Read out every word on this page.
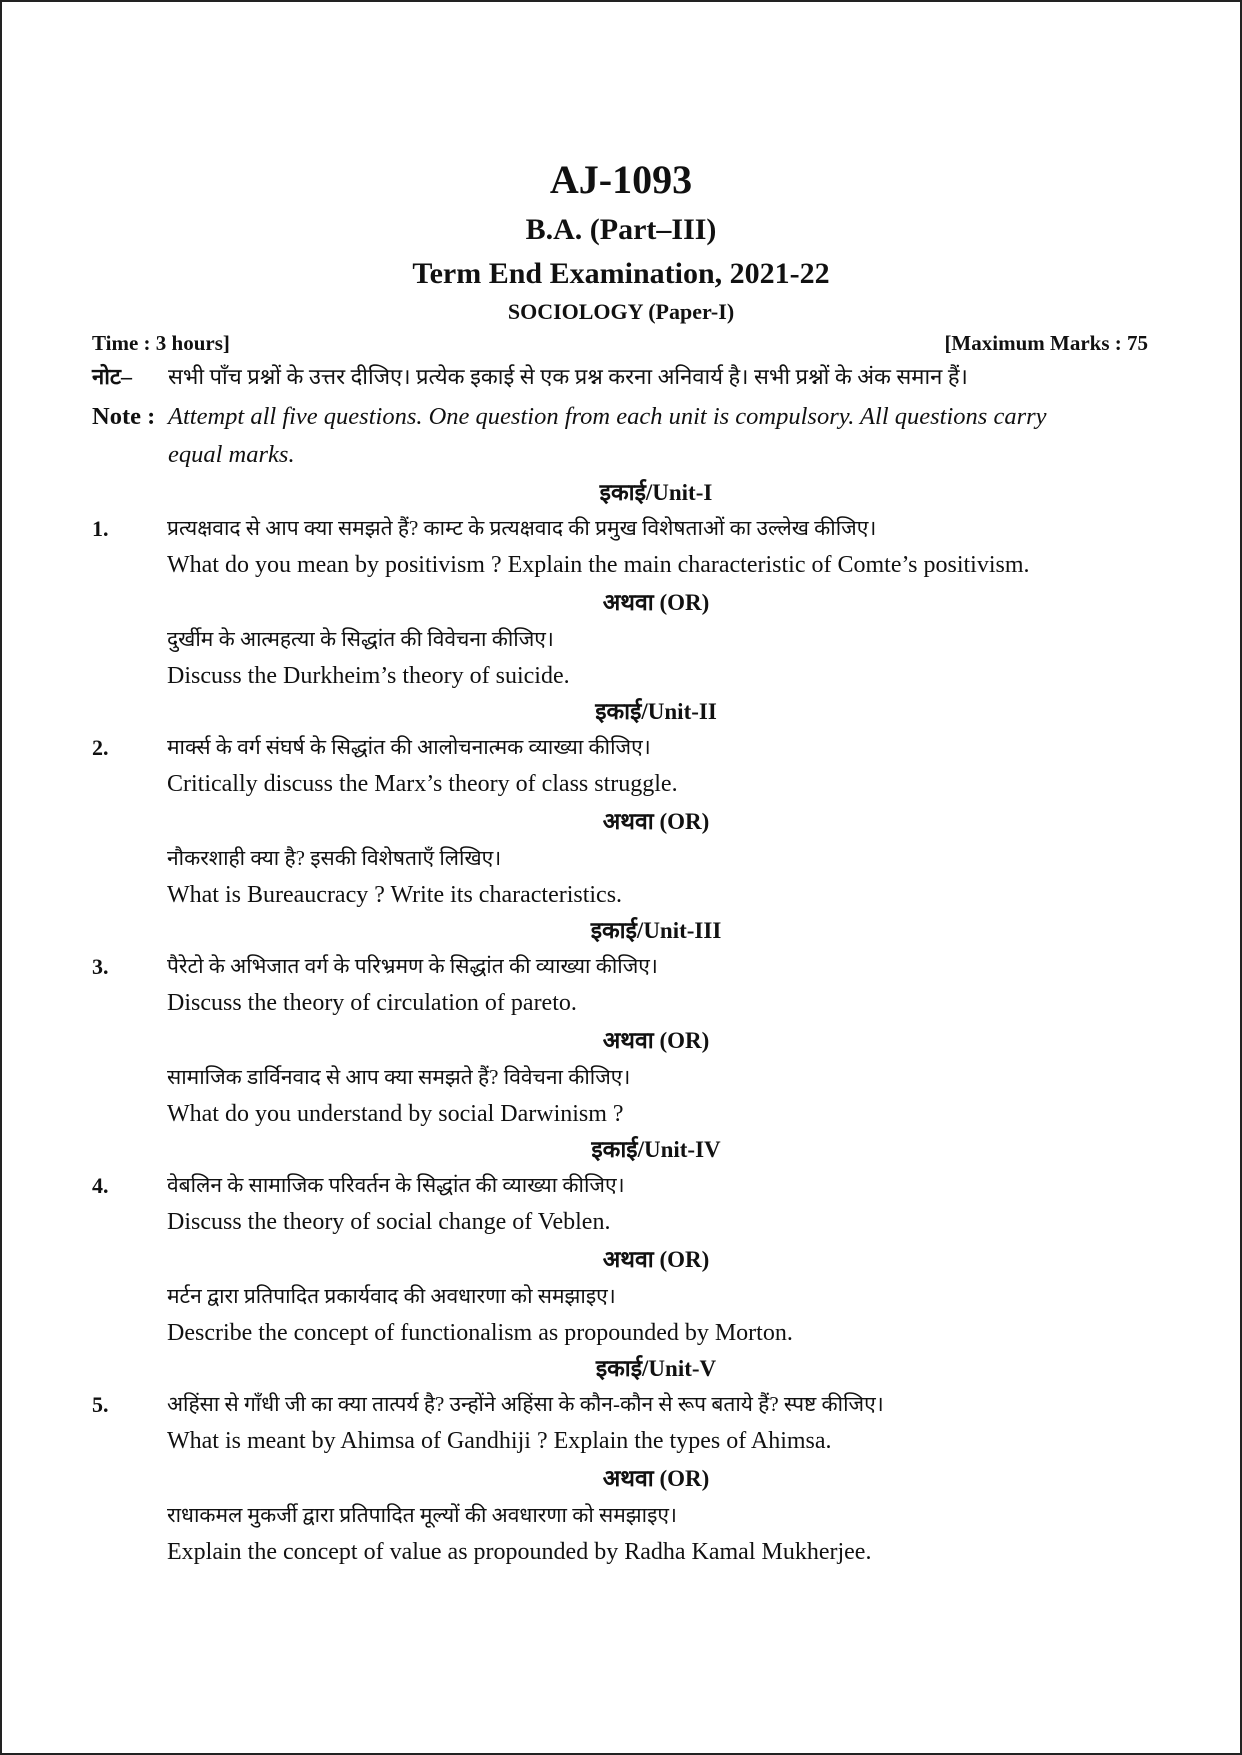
AJ-1093
B.A. (Part–III)
Term End Examination, 2021-22
SOCIOLOGY (Paper-I)
Time : 3 hours]	[Maximum Marks : 75
नोट– सभी पाँच प्रश्नों के उत्तर दीजिए। प्रत्येक इकाई से एक प्रश्न करना अनिवार्य है। सभी प्रश्नों के अंक समान हैं।
Note : Attempt all five questions. One question from each unit is compulsory. All questions carry
equal marks.
इकाई/Unit-I
1.	प्रत्यक्षवाद से आप क्या समझते हैं? काम्ट के प्रत्यक्षवाद की प्रमुख विशेषताओं का उल्लेख कीजिए।
What do you mean by positivism ? Explain the main characteristic of Comte’s positivism.
अथवा (OR)
दुर्खीम के आत्महत्या के सिद्धांत की विवेचना कीजिए।
Discuss the Durkheim’s theory of suicide.
इकाई/Unit-II
2.	मार्क्स के वर्ग संघर्ष के सिद्धांत की आलोचनात्मक व्याख्या कीजिए।
Critically discuss the Marx’s theory of class struggle.
अथवा (OR)
नौकरशाही क्या है? इसकी विशेषताएँ लिखिए।
What is Bureaucracy ? Write its characteristics.
इकाई/Unit-III
3.	पैरेटो के अभिजात वर्ग के परिभ्रमण के सिद्धांत की व्याख्या कीजिए।
Discuss the theory of circulation of pareto.
अथवा (OR)
सामाजिक डार्विनवाद से आप क्या समझते हैं? विवेचना कीजिए।
What do you understand by social Darwinism ?
इकाई/Unit-IV
4.	वेबलिन के सामाजिक परिवर्तन के सिद्धांत की व्याख्या कीजिए।
Discuss the theory of social change of Veblen.
अथवा (OR)
मर्टन द्वारा प्रतिपादित प्रकार्यवाद की अवधारणा को समझाइए।
Describe the concept of functionalism as propounded by Morton.
इकाई/Unit-V
5.	अहिंसा से गाँधी जी का क्या तात्पर्य है? उन्होंने अहिंसा के कौन-कौन से रूप बताये हैं? स्पष्ट कीजिए।
What is meant by Ahimsa of Gandhiji ? Explain the types of Ahimsa.
अथवा (OR)
राधाकमल मुकर्जी द्वारा प्रतिपादित मूल्यों की अवधारणा को समझाइए।
Explain the concept of value as propounded by Radha Kamal Mukherjee.
